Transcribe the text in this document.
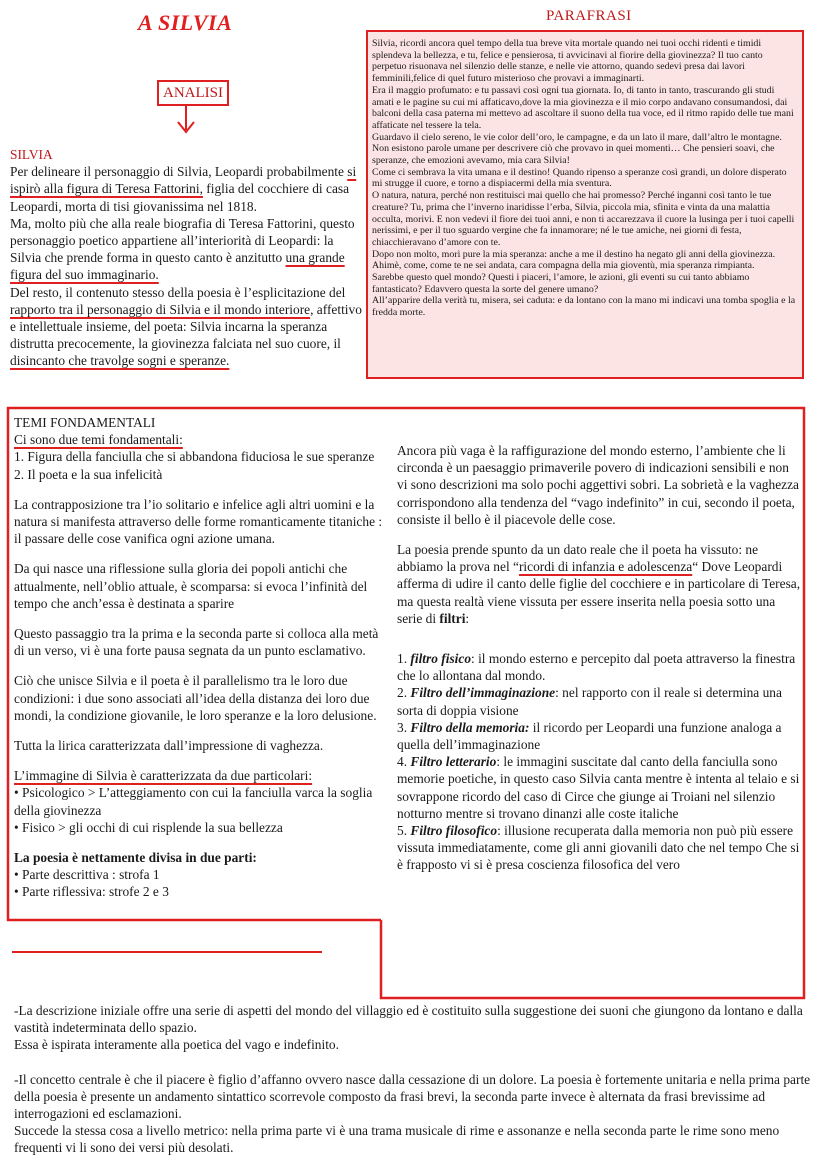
A SILVIA
ANALISI
PARAFRASI

Silvia, ricordi ancora quel tempo della tua breve vita mortale quando nei tuoi occhi ridenti e timidi splendeva la bellezza, e tu, felice e pensierosa, ti avvicinavi al fiorire della giovinezza? Il tuo canto perpetuo risuonava nel silenzio delle stanze, e nelle vie attorno, quando sedevi presa dai lavori femminili,felice di quel futuro misterioso che provavi a immaginarti.

Era il maggio profumato: e tu passavi così ogni tua giornata. Io, di tanto in tanto, trascurando gli studi amati e le pagine su cui mi affaticavo,dove la mia giovinezza e il mio corpo andavano consumandosi, dai balconi della casa paterna mi mettevo ad ascoltare il suono della tua voce, ed il ritmo rapido delle tue mani affaticate nel tessere la tela.

Guardavo il cielo sereno, le vie color dell’oro, le campagne, e da un lato il mare, dall’altro le montagne.

Non esistono parole umane per descrivere ciò che provavo in quei momenti… Che pensieri soavi, che speranze, che emozioni avevamo, mia cara Silvia!

Come ci sembrava la vita umana e il destino! Quando ripenso a speranze così grandi, un dolore disperato mi strugge il cuore, e torno a dispiacermi della mia sventura.

O natura, natura, perché non restituisci mai quello che hai promesso? Perché inganni così tanto le tue creature? Tu, prima che l’inverno inaridisse l’erba, Silvia, piccola mia, sfinita e vinta da una malattia occulta, morivi. E non vedevi il fiore dei tuoi anni, e non ti accarezzava il cuore la lusinga per i tuoi capelli nerissimi, e per il tuo sguardo vergine che fa innamorare; né le tue amiche, nei giorni di festa, chiacchieravano d’amore con te.

Dopo non molto, morì pure la mia speranza: anche a me il destino ha negato gli anni della giovinezza. Ahimè, come, come te ne sei andata, cara compagna della mia gioventù, mia speranza rimpianta.

Sarebbe questo quel mondo? Questi i piaceri, l’amore, le azioni, gli eventi su cui tanto abbiamo fantasticato? Edavvero questa la sorte del genere umano?

All’apparire della verità tu, misera, sei caduta: e da lontano con la mano mi indicavi una tomba spoglia e la fredda morte.

SILVIA

Per delineare il personaggio di Silvia, Leopardi probabilmente si ispirò alla figura di Teresa Fattorini, figlia del cocchiere di casa Leopardi, morta di tisi giovanissima nel 1818.

Ma, molto più che alla reale biografia di Teresa Fattorini, questo personaggio poetico appartiene all’interiorità di Leopardi: la Silvia che prende forma in questo canto è anzitutto una grande figura del suo immaginario.

Del resto, il contenuto stesso della poesia è l’esplicitazione del rapporto tra il personaggio di Silvia e il mondo interiore, affettivo e intellettuale insieme, del poeta: Silvia incarna la speranza distrutta precocemente, la giovinezza falciata nel suo cuore, il disincanto che travolge sogni e speranze.

TEMI FONDAMENTALI

Ci sono due temi fondamentali:

1. Figura della fanciulla che si abbandona fiduciosa le sue speranze

2. Il poeta e la sua infelicità

La contrapposizione tra l’io solitario e infelice agli altri uomini e la natura si manifesta attraverso delle forme romanticamente titaniche : il passare delle cose vanifica ogni azione umana.

Da qui nasce una riflessione sulla gloria dei popoli antichi che attualmente, nell’oblio attuale, è scomparsa: si evoca l’infinità del tempo che anch’essa è destinata a sparire

Questo passaggio tra la prima e la seconda parte si colloca alla metà di un verso, vi è una forte pausa segnata da un punto esclamativo.

Ciò che unisce Silvia e il poeta è il parallelismo tra le loro due condizioni: i due sono associati all’idea della distanza dei loro due mondi, la condizione giovanile, le loro speranze e la loro delusione.

Tutta la lirica caratterizzata dall’impressione di vaghezza.

L’immagine di Silvia è caratterizzata da due particolari:

• Psicologico > L’atteggiamento con cui la fanciulla varca la soglia della giovinezza

• Fisico > gli occhi di cui risplende la sua bellezza

La poesia è nettamente divisa in due parti:

• Parte descrittiva : strofa 1

• Parte riflessiva: strofe 2 e 3

Ancora più vaga è la raffigurazione del mondo esterno, l’ambiente che li circonda è un paesaggio primaverile povero di indicazioni sensibili e non vi sono descrizioni ma solo pochi aggettivi sobri. La sobrietà e la vaghezza corrispondono alla tendenza del “vago indefinito” in cui, secondo il poeta, consiste il bello è il piacevole delle cose.

La poesia prende spunto da un dato reale che il poeta ha vissuto: ne abbiamo la prova nel “ricordi di infanzia e adolescenza“ Dove Leopardi afferma di udire il canto delle figlie del cocchiere e in particolare di Teresa, ma questa realtà viene vissuta per essere inserita nella poesia sotto una serie di filtri:

1. filtro fisico: il mondo esterno e percepito dal poeta attraverso la finestra che lo allontana dal mondo.

2. Filtro dell’immaginazione: nel rapporto con il reale si determina una sorta di doppia visione

3. Filtro della memoria: il ricordo per Leopardi una funzione analoga a quella dell’immaginazione

4. Filtro letterario: le immagini suscitate dal canto della fanciulla sono memorie poetiche, in questo caso Silvia canta mentre è intenta al telaio e si sovrappone ricordo del caso di Circe che giunge ai Troiani nel silenzio notturno mentre si trovano dinanzi alle coste italiche

5. Filtro filosofico: illusione recuperata dalla memoria non può più essere vissuta immediatamente, come gli anni giovanili dato che nel tempo Che si è frapposto vi si è presa coscienza filosofica del vero

-La descrizione iniziale offre una serie di aspetti del mondo del villaggio ed è costituito sulla suggestione dei suoni che giungono da lontano e dalla vastità indeterminata dello spazio.

Essa è ispirata interamente alla poetica del vago e indefinito.

-Il concetto centrale è che il piacere è figlio d’affanno ovvero nasce dalla cessazione di un dolore. La poesia è fortemente unitaria e nella prima parte della poesia è presente un andamento sintattico scorrevole composto da frasi brevi, la seconda parte invece è alternata da frasi brevissime ad interrogazioni ed esclamazioni.

Succede la stessa cosa a livello metrico: nella prima parte vi è una trama musicale di rime e assonanze e nella seconda parte le rime sono meno frequenti vi li sono dei versi più desolati.
